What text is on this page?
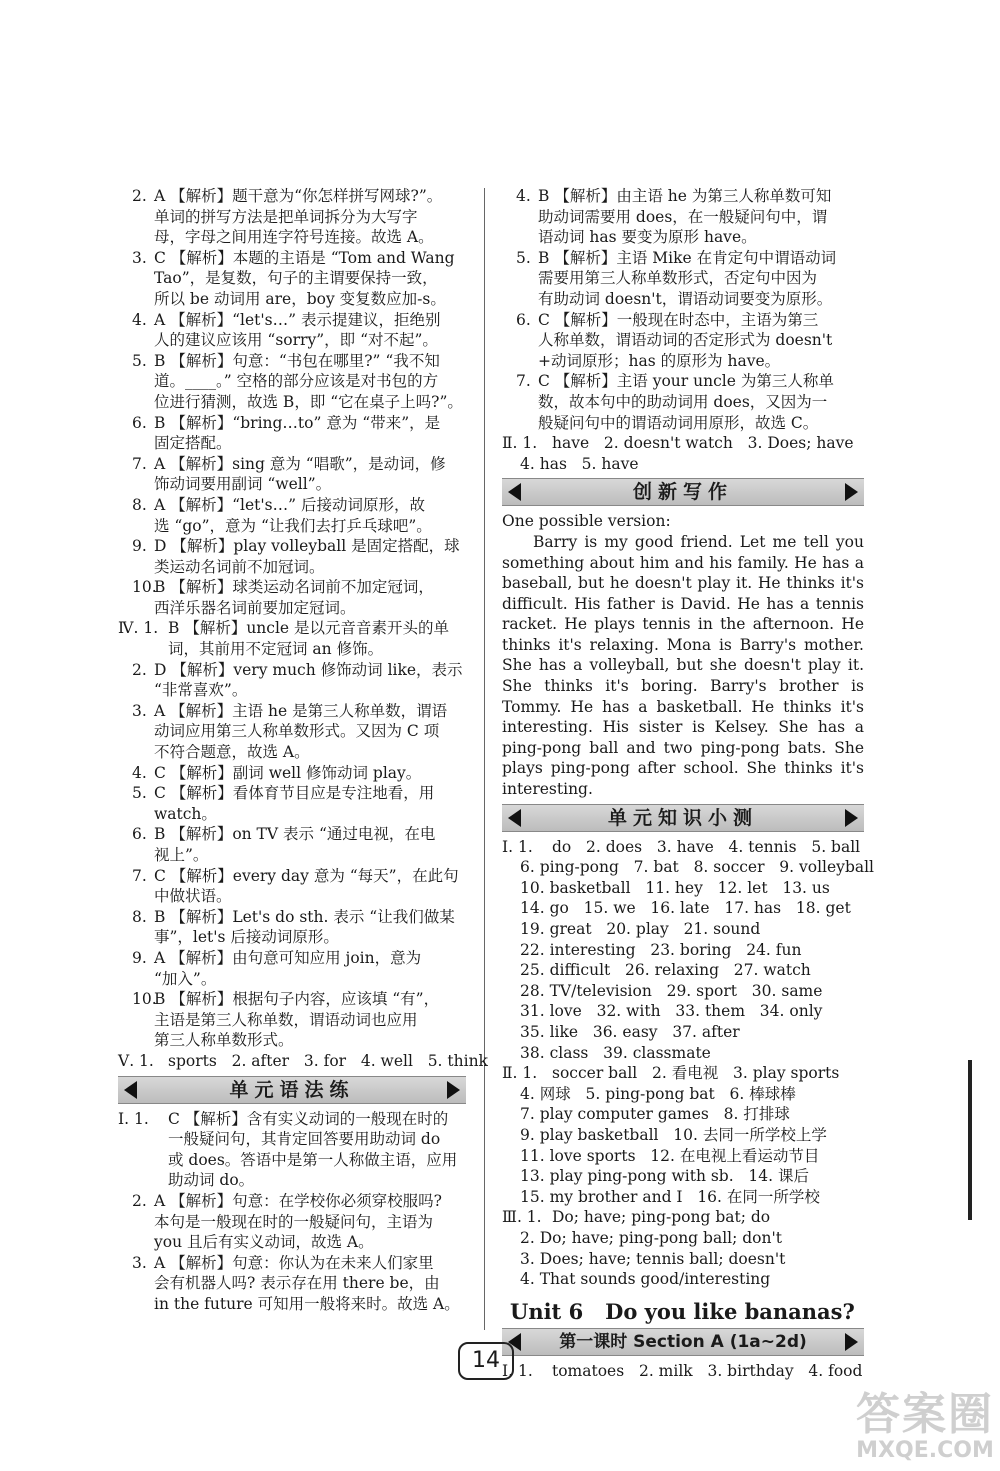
2. A 【解析】题干意为“你怎样拼写网球?”。
单词的拼写方法是把单词拆分为大写字
母，字母之间用连字符号连接。故选 A。
3. C 【解析】本题的主语是 “Tom and Wang
Tao”，是复数，句子的主谓要保持一致，
所以 be 动词用 are，boy 变复数应加-s。
4. A 【解析】“let's…” 表示提建议，拒绝别
人的建议应该用 “sorry”，即 “对不起”。
5. B 【解析】句意：“书包在哪里?” “我不知
道。____。” 空格的部分应该是对书包的方
位进行猜测，故选 B，即 “它在桌子上吗?”。
6. B 【解析】“bring…to” 意为 “带来”，是
固定搭配。
7. A 【解析】sing 意为 “唱歌”，是动词，修
饰动词要用副词 “well”。
8. A 【解析】“let's…” 后接动词原形，故
选 “go”，意为 “让我们去打乒乓球吧”。
9. D 【解析】play volleyball 是固定搭配，球
类运动名词前不加冠词。
10.
B 【解析】球类运动名词前不加定冠词，
西洋乐器名词前要加定冠词。
Ⅳ. 1. B 【解析】uncle 是以元音音素开头的单
词，其前用不定冠词 an 修饰。
2. D 【解析】very much 修饰动词 like，表示
“非常喜欢”。
3. A 【解析】主语 he 是第三人称单数，谓语
动词应用第三人称单数形式。又因为 C 项
不符合题意，故选 A。
4. C 【解析】副词 well 修饰动词 play。
5. C 【解析】看体育节目应是专注地看，用
watch。
6. B 【解析】on TV 表示 “通过电视，在电
视上”。
7. C 【解析】every day 意为 “每天”，在此句
中做状语。
8. B 【解析】Let's do sth. 表示 “让我们做某
事”，let's 后接动词原形。
9. A 【解析】由句意可知应用 join，意为
“加入”。
10.
B 【解析】根据句子内容，应该填 “有”，
主语是第三人称单数，谓语动词也应用
第三人称单数形式。
Ⅴ. 1. sports   2. after   3. for   4. well   5. think
单元语法练
Ⅰ. 1.	C 【解析】含有实义动词的一般现在时的
一般疑问句，其肯定回答要用助动词 do
或 does。答语中是第一人称做主语，应用
助动词 do。
2. A 【解析】句意：在学校你必须穿校服吗?
本句是一般现在时的一般疑问句，主语为
you 且后有实义动词，故选 A。
3. A 【解析】句意：你认为在未来人们家里
会有机器人吗? 表示存在用 there be，由
in the future 可知用一般将来时。故选 A。
4. B 【解析】由主语 he 为第三人称单数可知
助动词需要用 does，在一般疑问句中，谓
语动词 has 要变为原形 have。
5. B 【解析】主语 Mike 在肯定句中谓语动词
需要用第三人称单数形式，否定句中因为
有助动词 doesn't，谓语动词要变为原形。
6. C 【解析】一般现在时态中，主语为第三
人称单数，谓语动词的否定形式为 doesn't
+动词原形；has 的原形为 have。
7. C 【解析】主语 your uncle 为第三人称单
数，故本句中的助动词用 does，又因为一
般疑问句中的谓语动词用原形，故选 C。
Ⅱ. 1. have   2. doesn't watch   3. Does; have
4. has   5. have
创新写作
One possible version:
Barry is my good friend. Let me tell you something about him and his family. He has a baseball, but he doesn't play it. He thinks it's difficult. His father is David. He has a tennis racket. He plays tennis in the afternoon. He thinks it's relaxing. Mona is Barry's mother. She has a volleyball, but she doesn't play it. She thinks it's boring. Barry's brother is Tommy. He has a basketball. He thinks it's interesting. His sister is Kelsey. She has a ping-pong ball and two ping-pong bats. She plays ping-pong after school. She thinks it's interesting.
单元知识小测
Ⅰ. 1.	do   2. does   3. have   4. tennis   5. ball
6. ping-pong   7. bat   8. soccer   9. volleyball
10. basketball   11. hey   12. let   13. us
14. go   15. we   16. late   17. has   18. get
19. great   20. play   21. sound
22. interesting   23. boring   24. fun
25. difficult   26. relaxing   27. watch
28. TV/television   29. sport   30. same
31. love   32. with   33. them   34. only
35. like   36. easy   37. after
38. class   39. classmate
Ⅱ. 1. soccer ball   2. 看电视   3. play sports
4. 网球   5. ping-pong bat   6. 棒球棒
7. play computer games   8. 打排球
9. play basketball   10. 去同一所学校上学
11. love sports   12. 在电视上看运动节目
13. play ping-pong with sb.   14. 课后
15. my brother and I   16. 在同一所学校
Ⅲ. 1. Do; have; ping-pong bat; do
2. Do; have; ping-pong ball; don't
3. Does; have; tennis ball; doesn't
4. That sounds good/interesting
Unit 6   Do you like bananas?
第一课时 Section A (1a~2d)
Ⅰ. 1.	tomatoes   2. milk   3. birthday   4. food
14
答案圈
MXQE.COM
